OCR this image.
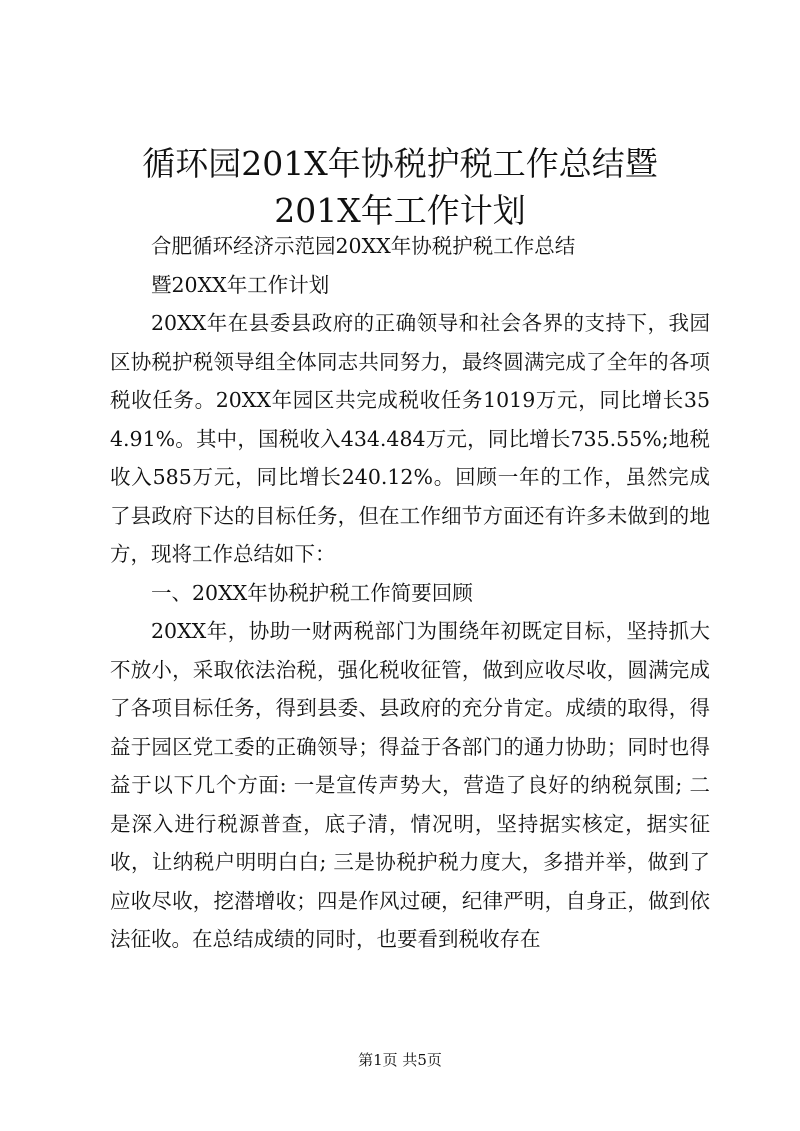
循环园201X年协税护税工作总结暨201X年工作计划

合肥循环经济示范园20XX年协税护税工作总结

暨20XX年工作计划

20XX年在县委县政府的正确领导和社会各界的支持下，我园区协税护税领导组全体同志共同努力，最终圆满完成了全年的各项税收任务。20XX年园区共完成税收任务1019万元，同比增长354.91%。其中，国税收入434.484万元，同比增长735.55%;地税收入585万元，同比增长240.12%。回顾一年的工作，虽然完成了县政府下达的目标任务，但在工作细节方面还有许多未做到的地方，现将工作总结如下：

一、20XX年协税护税工作简要回顾

20XX年，协助一财两税部门为围绕年初既定目标，坚持抓大不放小，采取依法治税，强化税收征管，做到应收尽收，圆满完成了各项目标任务，得到县委、县政府的充分肯定。成绩的取得，得益于园区党工委的正确领导；得益于各部门的通力协助；同时也得益于以下几个方面: 一是宣传声势大，营造了良好的纳税氛围; 二是深入进行税源普查，底子清，情况明，坚持据实核定，据实征收，让纳税户明明白白; 三是协税护税力度大，多措并举，做到了应收尽收，挖潜增收；四是作风过硬，纪律严明，自身正，做到依法征收。在总结成绩的同时，也要看到税收存在

第1页 共5页
